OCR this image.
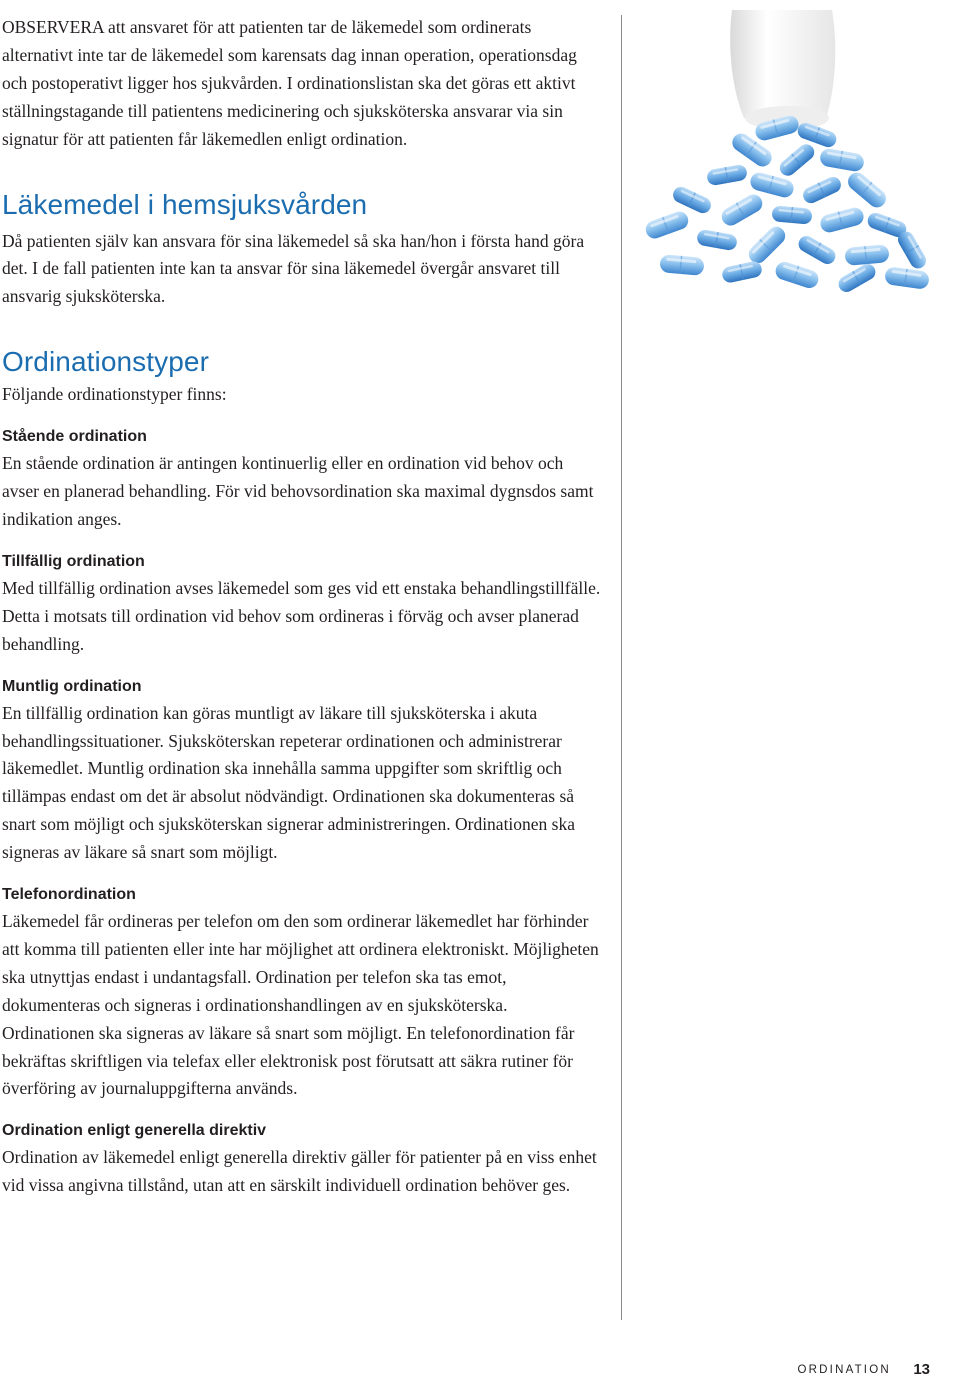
OBSERVERA att ansvaret för att patienten tar de läkemedel som ordinerats alternativt inte tar de läkemedel som karensats dag innan operation, operationsdag och postoperativt ligger hos sjukvården. I ordinationslistan ska det göras ett aktivt ställningstagande till patientens medicinering och sjuksköterska ansvarar via sin signatur för att patienten får läkemedlen enligt ordination.

Läkemedel i hemsjuksvården

Då patienten själv kan ansvara för sina läkemedel så ska han/hon i första hand göra det. I de fall patienten inte kan ta ansvar för sina läkemedel övergår ansvaret till ansvarig sjuksköterska.

Ordinationstyper

Följande ordinationstyper finns:

Stående ordination

En stående ordination är antingen kontinuerlig eller en ordination vid behov och avser en planerad behandling. För vid behovsordination ska maximal dygnsdos samt indikation anges.

Tillfällig ordination

Med tillfällig ordination avses läkemedel som ges vid ett enstaka behandlingstillfälle. Detta i motsats till ordination vid behov som ordineras i förväg och avser planerad behandling.

Muntlig ordination

En tillfällig ordination kan göras muntligt av läkare till sjuksköterska i akuta behandlingssituationer. Sjuksköterskan repeterar ordinationen och administrerar läkemedlet. Muntlig ordination ska innehålla samma uppgifter som skriftlig och tillämpas endast om det är absolut nödvändigt. Ordinationen ska dokumenteras så snart som möjligt och sjuksköterskan signerar administreringen. Ordinationen ska signeras av läkare så snart som möjligt.

Telefonordination

Läkemedel får ordineras per telefon om den som ordinerar läkemedlet har förhinder att komma till patienten eller inte har möjlighet att ordinera elektroniskt. Möjligheten ska utnyttjas endast i undantagsfall. Ordination per telefon ska tas emot, dokumenteras och signeras i ordinationshandlingen av en sjuksköterska. Ordinationen ska signeras av läkare så snart som möjligt. En telefonordination får bekräftas skriftligen via telefax eller elektronisk post förutsatt att säkra rutiner för överföring av journaluppgifterna används.

Ordination enligt generella direktiv

Ordination av läkemedel enligt generella direktiv gäller för patienter på en viss enhet vid vissa angivna tillstånd, utan att en särskilt individuell ordination behöver ges.

ORDINATION 13
